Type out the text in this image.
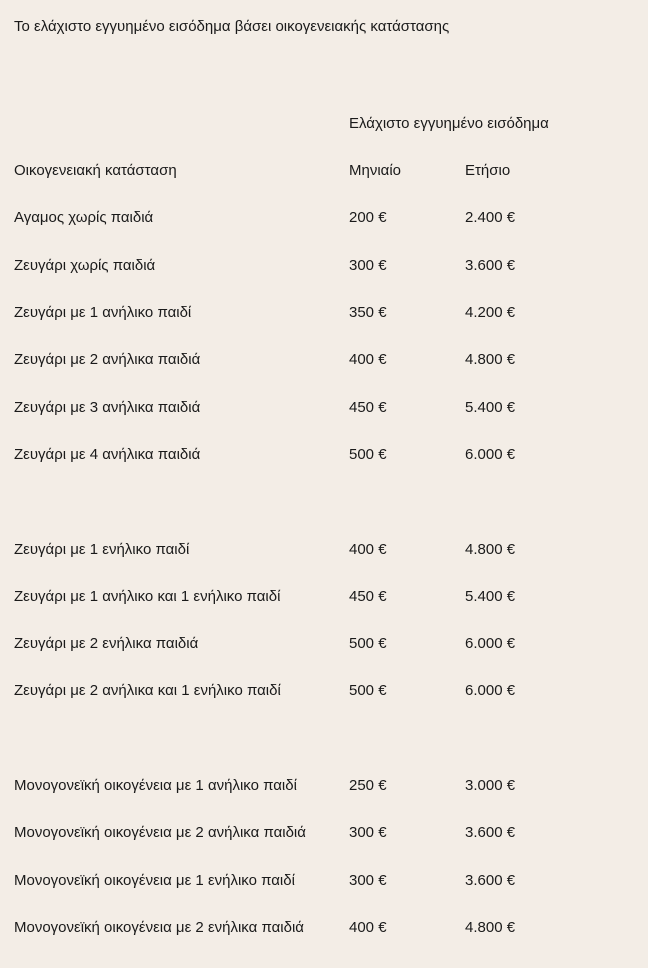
Το ελάχιστο εγγυημένο εισόδημα βάσει οικογενειακής κατάστασης
Ελάχιστο εγγυημένο εισόδημα
Οικογενειακή κατάσταση	Μηνιαίο	Ετήσιο
Αγαμος χωρίς παιδιά	200 €	2.400 €
Ζευγάρι χωρίς παιδιά	300 €	3.600 €
Ζευγάρι με 1 ανήλικο παιδί	350 €	4.200 €
Ζευγάρι με 2 ανήλικα παιδιά	400 €	4.800 €
Ζευγάρι με 3 ανήλικα παιδιά	450 €	5.400 €
Ζευγάρι με 4 ανήλικα παιδιά	500 €	6.000 €
Ζευγάρι με 1 ενήλικο παιδί	400 €	4.800 €
Ζευγάρι με 1 ανήλικο και 1 ενήλικο παιδί	450 €	5.400 €
Ζευγάρι με 2 ενήλικα παιδιά	500 €	6.000 €
Ζευγάρι με 2 ανήλικα και 1 ενήλικο παιδί	500 €	6.000 €
Μονογονεϊκή οικογένεια με 1 ανήλικο παιδί	250 €	3.000 €
Μονογονεϊκή οικογένεια με 2 ανήλικα παιδιά	300 €	3.600 €
Μονογονεϊκή οικογένεια με 1 ενήλικο παιδί	300 €	3.600 €
Μονογονεϊκή οικογένεια με 2 ενήλικα παιδιά	400 €	4.800 €
